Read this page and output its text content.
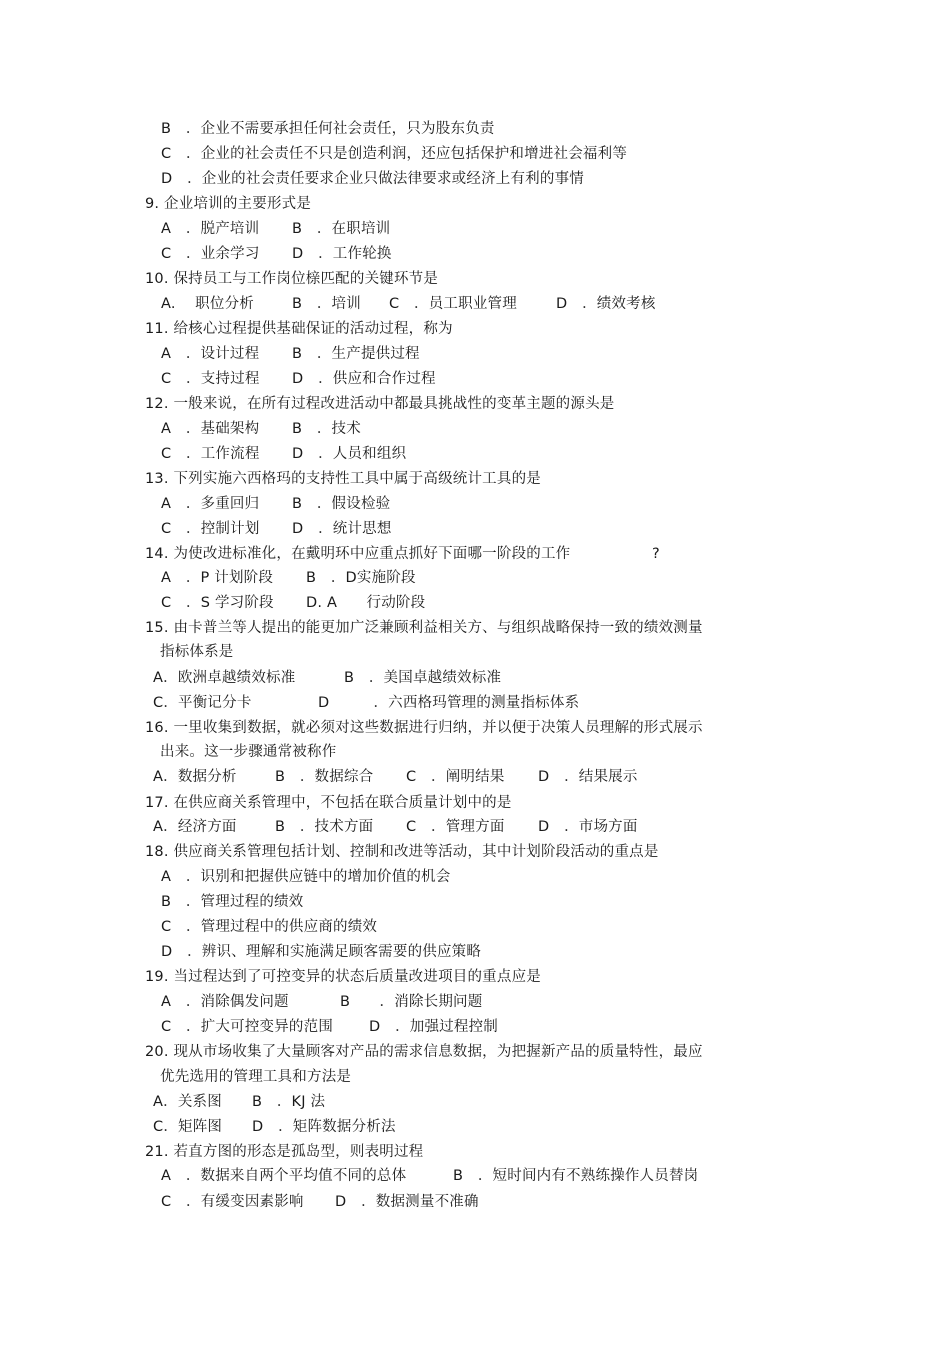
B　．企业不需要承担任何社会责任，只为股东负责
C　．企业的社会责任不只是创造利润，还应包括保护和增进社会福利等
D　．企业的社会责任要求企业只做法律要求或经济上有利的事情
9. 企业培训的主要形式是
A　．脱产培训 B　．在职培训
C　．业余学习 D　．工作轮换
10. 保持员工与工作岗位榇匹配的关键环节是
A.　 职位分析	B　．培训 C　．员工职业管理	D　．绩效考核
11. 给核心过程提供基础保证的活动过程，称为
A　．设计过程 B　．生产提供过程
C　．支持过程 D　．供应和合作过程
12. 一般来说，在所有过程改进活动中都最具挑战性的变革主题的源头是
A　．基础架构 B　．技术
C　．工作流程 D　．人员和组织
13. 下列实施六西格玛的支持性工具中属于高级统计工具的是
A　．多重回归 B　．假设检验
C　．控制计划 D　．统计思想
14. 为使改进标准化，在戴明环中应重点抓好下面哪一阶段的工作	?
A　．P 计划阶段 B　．D实施阶段
C　．S 学习阶段 D. A　　行动阶段
15. 由卡普兰等人提出的能更加广泛兼顾利益相关方、与组织战略保持一致的绩效测量
指标体系是
A．欧洲卓越绩效标准	B　．美国卓越绩效标准
C．平衡记分卡	D　　　．六西格玛管理的测量指标体系
16. 一里收集到数据，就必须对这些数据进行归纳，并以便于决策人员理解的形式展示
出来。这一步骤通常被称作
A．数据分析	B　．数据综合 C　．阐明结果 D　．结果展示
17. 在供应商关系管理中，不包括在联合质量计划中的是
A．经济方面	B　．技术方面 C　．管理方面 D　．市场方面
18. 供应商关系管理包括计划、控制和改进等活动，其中计划阶段活动的重点是
A　．识别和把握供应链中的增加价值的机会
B　．管理过程的绩效
C　．管理过程中的供应商的绩效
D　．辨识、理解和实施满足顾客需要的供应策略
19. 当过程达到了可控变异的状态后质量改进项目的重点应是
A　．消除偶发问题	B　　．消除长期问题
C　．扩大可控变异的范围 D　．加强过程控制
20. 现从市场收集了大量顾客对产品的需求信息数据，为把握新产品的质量特性，最应
优先选用的管理工具和方法是
A．关系图 B　．KJ 法
C．矩阵图 D　．矩阵数据分析法
21. 若直方图的形态是孤岛型，则表明过程
A　．数据来自两个平均值不同的总体	B　．短时间内有不熟练操作人员替岗
C　．有缓变因素影响 D　．数据测量不准确
